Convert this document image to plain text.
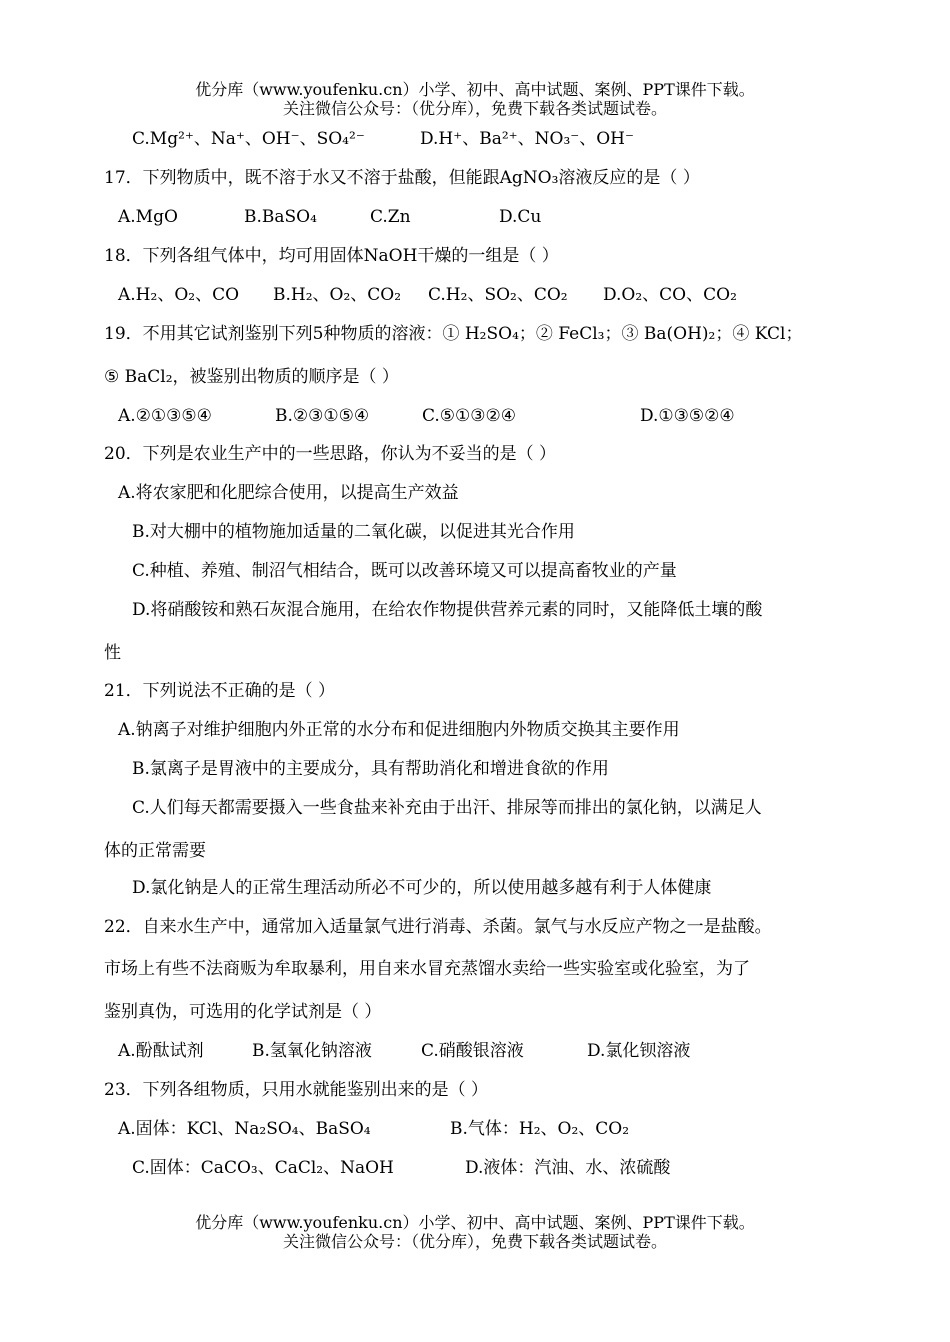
优分库（www.youfenku.cn）小学、初中、高中试题、案例、PPT课件下载。
关注微信公众号：（优分库），免费下载各类试题试卷。
C.Mg²⁺、Na⁺、OH⁻、SO₄²⁻	D.H⁺、Ba²⁺、NO₃⁻、OH⁻
17．下列物质中，既不溶于水又不溶于盐酸，但能跟AgNO₃溶液反应的是（ ）
A.MgO	B.BaSO₄	C.Zn	D.Cu
18．下列各组气体中，均可用固体NaOH干燥的一组是（ ）
A.H₂、O₂、CO B.H₂、O₂、CO₂ C.H₂、SO₂、CO₂ D.O₂、CO、CO₂
19．不用其它试剂鉴别下列5种物质的溶液：① H₂SO₄；② FeCl₃；③ Ba(OH)₂；④ KCl；
⑤ BaCl₂，被鉴别出物质的顺序是（ ）
A.②①③⑤④	B.②③①⑤④	C.⑤①③②④	D.①③⑤②④
20．下列是农业生产中的一些思路，你认为不妥当的是（ ）
A.将农家肥和化肥综合使用，以提高生产效益
B.对大棚中的植物施加适量的二氧化碳，以促进其光合作用
C.种植、养殖、制沼气相结合，既可以改善环境又可以提高畜牧业的产量
D.将硝酸铵和熟石灰混合施用，在给农作物提供营养元素的同时，又能降低土壤的酸
性
21．下列说法不正确的是（ ）
A.钠离子对维护细胞内外正常的水分布和促进细胞内外物质交换其主要作用
B.氯离子是胃液中的主要成分，具有帮助消化和增进食欲的作用
C.人们每天都需要摄入一些食盐来补充由于出汗、排尿等而排出的氯化钠，以满足人
体的正常需要
D.氯化钠是人的正常生理活动所必不可少的，所以使用越多越有利于人体健康
22．自来水生产中，通常加入适量氯气进行消毒、杀菌。氯气与水反应产物之一是盐酸。
市场上有些不法商贩为牟取暴利，用自来水冒充蒸馏水卖给一些实验室或化验室，为了
鉴别真伪，可选用的化学试剂是（ ）
A.酚酞试剂	B.氢氧化钠溶液	C.硝酸银溶液	D.氯化钡溶液
23．下列各组物质，只用水就能鉴别出来的是（ ）
A.固体：KCl、Na₂SO₄、BaSO₄	B.气体：H₂、O₂、CO₂
C.固体：CaCO₃、CaCl₂、NaOH	D.液体：汽油、水、浓硫酸
优分库（www.youfenku.cn）小学、初中、高中试题、案例、PPT课件下载。
关注微信公众号：（优分库），免费下载各类试题试卷。
